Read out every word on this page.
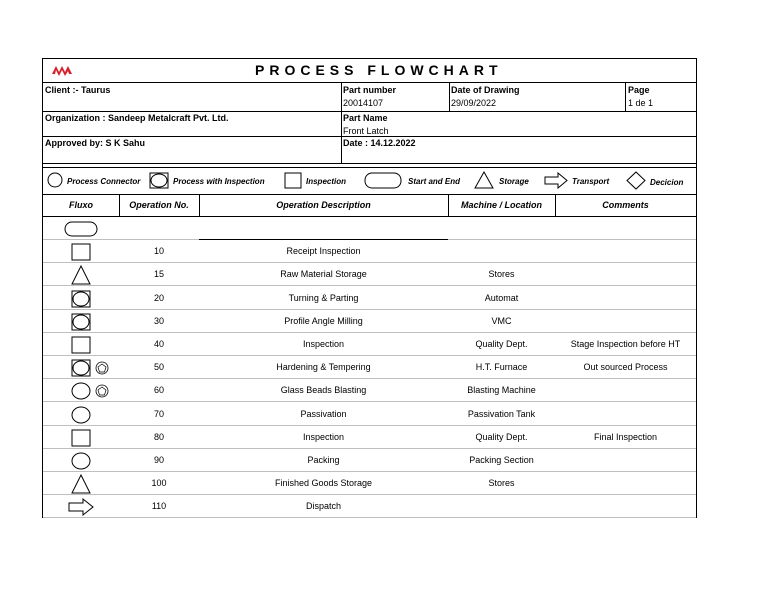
PROCESS FLOWCHART
Client :- Taurus	Part number
20014107
Date of Drawing
29/09/2022
Page
1 de 1
Organization : Sandeep Metalcraft Pvt. Ltd.	Part Name
Front Latch
Approved by: S K Sahu	Date : 14.12.2022
Process Connector	Process with Inspection	Inspection	Start and End	Storage	Transport	Decicion
Fluxo	Operation No.	Operation Description	Machine / Location	Comments
10	Receipt Inspection
15	Raw Material Storage	Stores
20	Turning & Parting	Automat
30	Profile Angle Milling	VMC
40	Inspection	Quality Dept.	Stage Inspection before HT
50	Hardening & Tempering	H.T. Furnace	Out sourced Process
60	Glass Beads Blasting	Blasting Machine
70	Passivation	Passivation Tank
80	Inspection	Quality Dept.	Final Inspection
90	Packing	Packing Section
100	Finished Goods Storage	Stores
110	Dispatch
